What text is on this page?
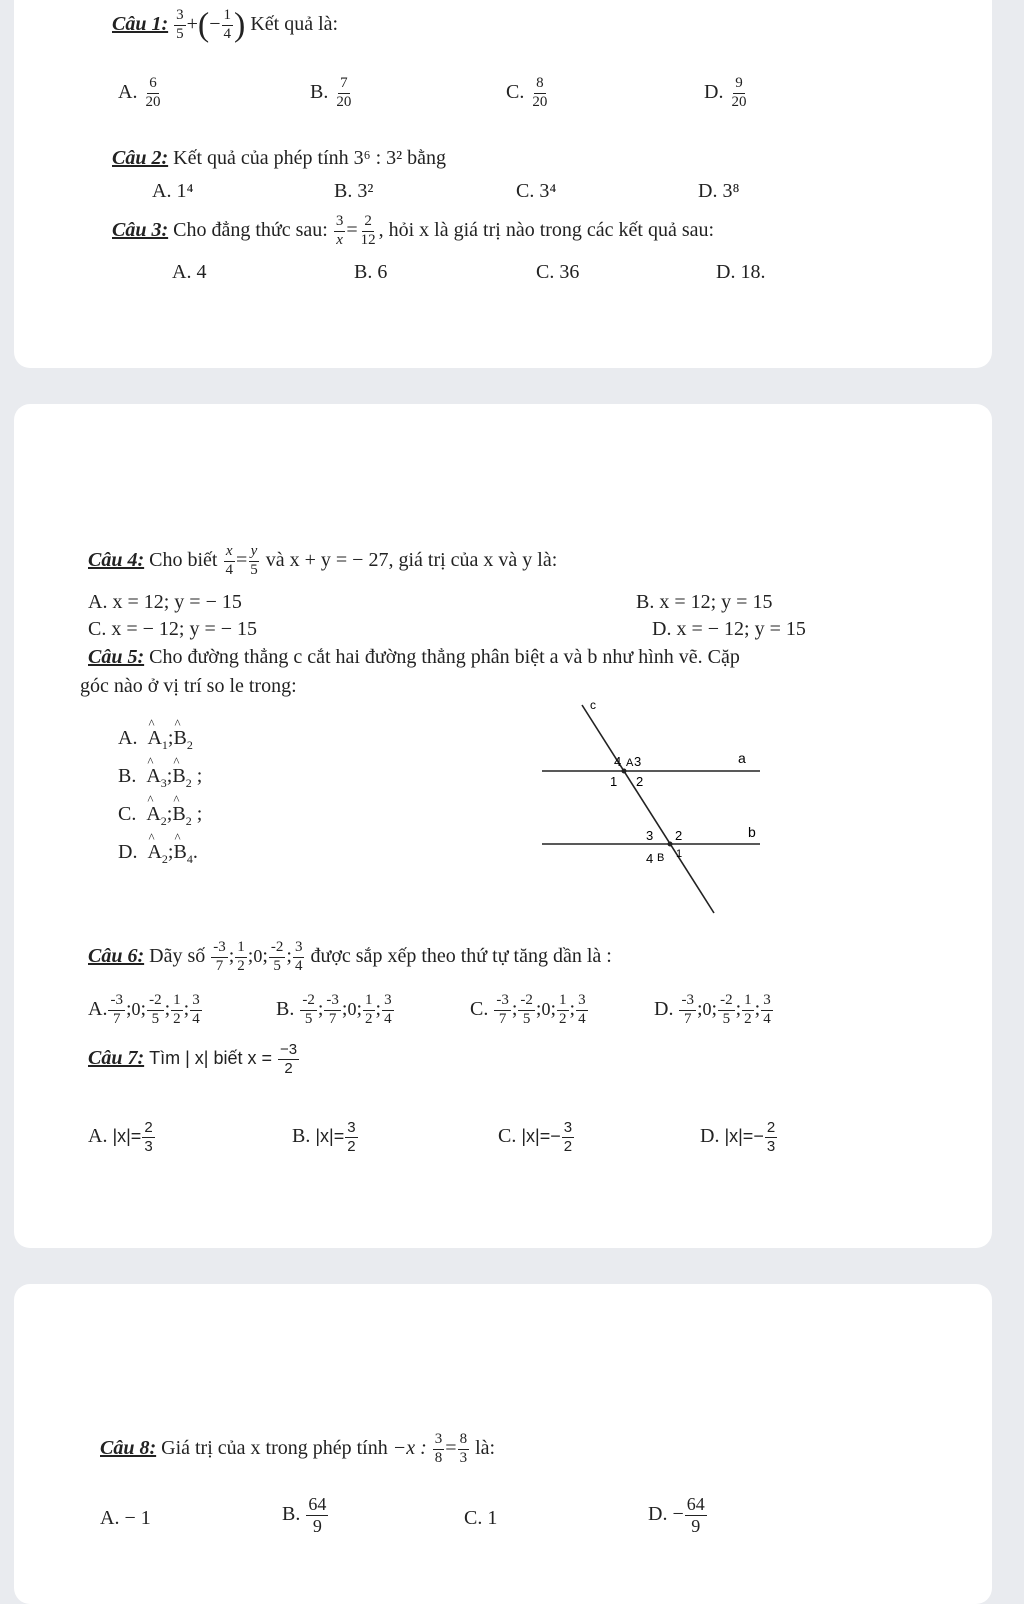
Câu 1: $\frac{3}{5}$ +(− $\frac{1}{4}$ ) Kết quả là:
A. $\frac{6}{20}$	B. $\frac{7}{20}$	C. $\frac{8}{20}$	D. $\frac{9}{20}$
Câu 2: Kết quả của phép tính 3⁶ : 3² bằng
A. 1⁴	B. 3²	C. 3⁴	D. 3⁸
Câu 3: Cho đẳng thức sau: $\frac{3}{x} = \frac{2}{12}$ , hỏi x là giá trị nào trong các kết quả sau:
A. 4	B. 6	C. 36	D. 18.
Câu 4: Cho biết $\frac{x}{4} = \frac{y}{5}$ và x + y = − 27, giá trị của x và y là:
A. x = 12; y = − 15	B. x = 12; y = 15
C. x = − 12; y = − 15	D. x = − 12; y = 15
Câu 5: Cho đường thẳng c cắt hai đường thẳng phân biệt a và b như hình vẽ. Cặp
góc nào ở vị trí so le trong:
A.
^
$A_1$;
^
$B_2$
B.
^
$A_3$;
^
$B_2$ ;
C.
^
$A_2$;
^
$B_2$ ;
D.
^
$A_2$;
^
$B_4$.
c
a
b
4 A 3
1 2
3 2
4 B 1
Câu 6: Dãy số $\frac{-3}{7}$ ; $\frac{1}{2}$ ;0; $\frac{-2}{5}$ ; $\frac{3}{4}$ được sắp xếp theo thứ tự tăng dần là :
A. $\frac{-3}{7}$ ;0; $\frac{-2}{5}$ ; $\frac{1}{2}$ ; $\frac{3}{4}$	B. $\frac{-2}{5}$ ; $\frac{-3}{7}$ ;0; $\frac{1}{2}$ ; $\frac{3}{4}$	C. $\frac{-3}{7}$ ; $\frac{-2}{5}$ ;0; $\frac{1}{2}$ ; $\frac{3}{4}$	D. $\frac{-3}{7}$ ;0; $\frac{-2}{5}$ ; $\frac{1}{2}$ ; $\frac{3}{4}$
Câu 7: Tìm | x| biết $x = \frac{-3}{2}$
A. $|x|= \frac{2}{3}$	B. $|x|= \frac{3}{2}$	C. $|x|=- \frac{3}{2}$	D. $|x|=- \frac{2}{3}$
Câu 8: Giá trị của x trong phép tính −x : $\frac{3}{8} = \frac{8}{3}$ là:
A. − 1	B. $\frac{64}{9}$	C. 1	D. − $\frac{64}{9}$
